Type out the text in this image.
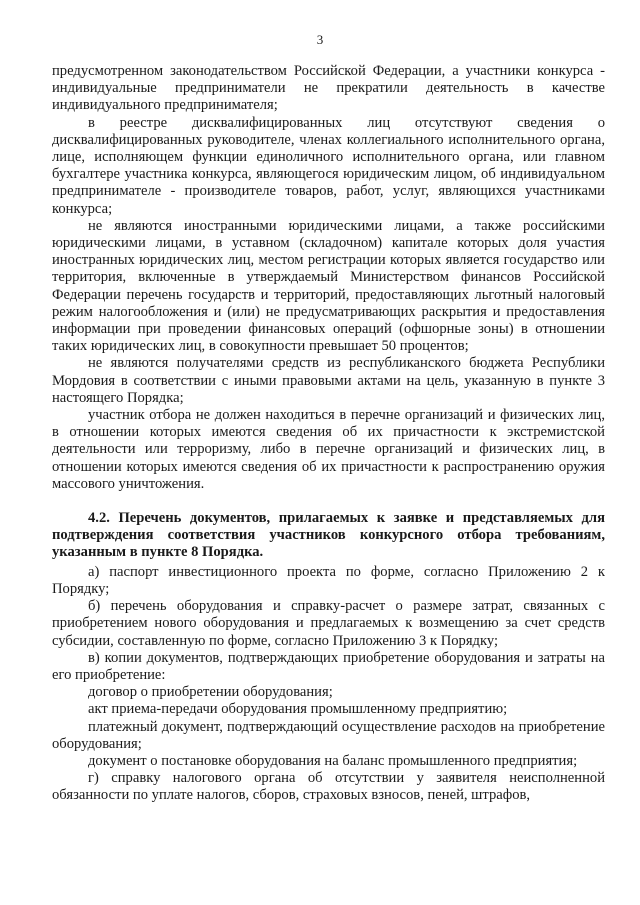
3

предусмотренном законодательством Российской Федерации, а участники конкурса - индивидуальные предприниматели не прекратили деятельность в качестве индивидуального предпринимателя;

в реестре дисквалифицированных лиц отсутствуют сведения о дисквалифицированных руководителе, членах коллегиального исполнительного органа, лице, исполняющем функции единоличного исполнительного органа, или главном бухгалтере участника конкурса, являющегося юридическим лицом, об индивидуальном предпринимателе - производителе товаров, работ, услуг, являющихся участниками конкурса;

не являются иностранными юридическими лицами, а также российскими юридическими лицами, в уставном (складочном) капитале которых доля участия иностранных юридических лиц, местом регистрации которых является государство или территория, включенные в утверждаемый Министерством финансов Российской Федерации перечень государств и территорий, предоставляющих льготный налоговый режим налогообложения и (или) не предусматривающих раскрытия и предоставления информации при проведении финансовых операций (офшорные зоны) в отношении таких юридических лиц, в совокупности превышает 50 процентов;

не являются получателями средств из республиканского бюджета Республики Мордовия в соответствии с иными правовыми актами на цель, указанную в пункте 3 настоящего Порядка;

участник отбора не должен находиться в перечне организаций и физических лиц, в отношении которых имеются сведения об их причастности к экстремистской деятельности или терроризму, либо в перечне организаций и физических лиц, в отношении которых имеются сведения об их причастности к распространению оружия массового уничтожения.

4.2. Перечень документов, прилагаемых к заявке и представляемых для подтверждения соответствия участников конкурсного отбора требованиям, указанным в пункте 8 Порядка.

а) паспорт инвестиционного проекта по форме, согласно Приложению 2 к Порядку;

б) перечень оборудования и справку-расчет о размере затрат, связанных с приобретением нового оборудования и предлагаемых к возмещению за счет средств субсидии, составленную по форме, согласно Приложению 3 к Порядку;

в) копии документов, подтверждающих приобретение оборудования и затраты на его приобретение:

договор о приобретении оборудования;

акт приема-передачи оборудования промышленному предприятию;

платежный документ, подтверждающий осуществление расходов на приобретение оборудования;

документ о постановке оборудования на баланс промышленного предприятия;

г) справку налогового органа об отсутствии у заявителя неисполненной обязанности по уплате налогов, сборов, страховых взносов, пеней, штрафов,
